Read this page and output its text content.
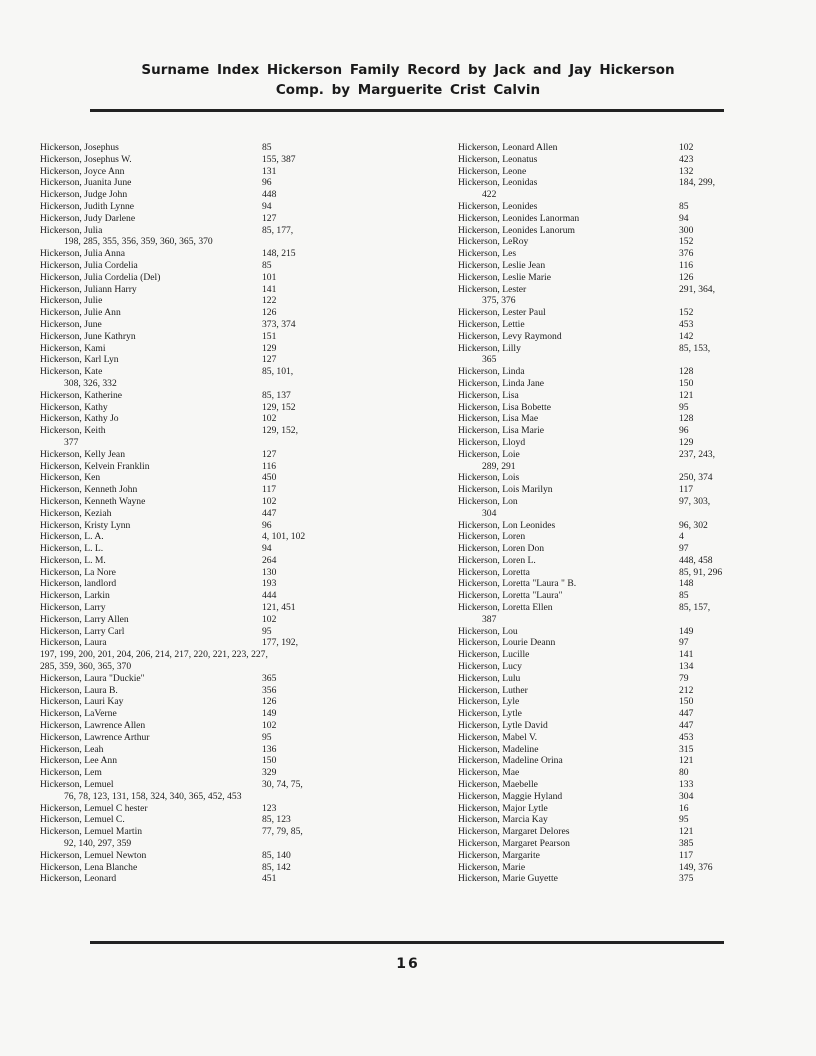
Surname Index Hickerson Family Record by Jack and Jay Hickerson
Comp. by Marguerite Crist Calvin
Hickerson, Josephus	85
Hickerson, Josephus W.	155, 387
Hickerson, Joyce Ann	131
Hickerson, Juanita June	96
Hickerson, Judge John	448
Hickerson, Judith Lynne	94
Hickerson, Judy Darlene	127
Hickerson, Julia	85, 177,
198, 285, 355, 356, 359, 360, 365, 370
Hickerson, Julia Anna	148, 215
Hickerson, Julia Cordelia	85
Hickerson, Julia Cordelia (Del)	101
Hickerson, Juliann Harry	141
Hickerson, Julie	122
Hickerson, Julie Ann	126
Hickerson, June	373, 374
Hickerson, June Kathryn	151
Hickerson, Kami	129
Hickerson, Karl Lyn	127
Hickerson, Kate	85, 101,
308, 326, 332
Hickerson, Katherine	85, 137
Hickerson, Kathy	129, 152
Hickerson, Kathy Jo	102
Hickerson, Keith	129, 152,
377
Hickerson, Kelly Jean	127
Hickerson, Kelvein Franklin	116
Hickerson, Ken	450
Hickerson, Kenneth John	117
Hickerson, Kenneth Wayne	102
Hickerson, Keziah	447
Hickerson, Kristy Lynn	96
Hickerson, L. A.	4, 101, 102
Hickerson, L. L.	94
Hickerson, L. M.	264
Hickerson, La Nore	130
Hickerson, landlord	193
Hickerson, Larkin	444
Hickerson, Larry	121, 451
Hickerson, Larry Allen	102
Hickerson, Larry Carl	95
Hickerson, Laura	177, 192,
197, 199, 200, 201, 204, 206, 214, 217, 220, 221, 223, 227,
285, 359, 360, 365, 370
Hickerson, Laura "Duckie"	365
Hickerson, Laura B.	356
Hickerson, Lauri Kay	126
Hickerson, LaVerne	149
Hickerson, Lawrence Allen	102
Hickerson, Lawrence Arthur	95
Hickerson, Leah	136
Hickerson, Lee Ann	150
Hickerson, Lem	329
Hickerson, Lemuel	30, 74, 75,
76, 78, 123, 131, 158, 324, 340, 365, 452, 453
Hickerson, Lemuel C hester	123
Hickerson, Lemuel C.	85, 123
Hickerson, Lemuel Martin	77, 79, 85,
92, 140, 297, 359
Hickerson, Lemuel Newton	85, 140
Hickerson, Lena Blanche	85, 142
Hickerson, Leonard	451
Hickerson, Leonard Allen	102
Hickerson, Leonatus	423
Hickerson, Leone	132
Hickerson, Leonidas	184, 299,
422
Hickerson, Leonides	85
Hickerson, Leonides Lanorman	94
Hickerson, Leonides Lanorum	300
Hickerson, LeRoy	152
Hickerson, Les	376
Hickerson, Leslie Jean	116
Hickerson, Leslie Marie	126
Hickerson, Lester	291, 364,
375, 376
Hickerson, Lester Paul	152
Hickerson, Lettie	453
Hickerson, Levy Raymond	142
Hickerson, Lilly	85, 153,
365
Hickerson, Linda	128
Hickerson, Linda Jane	150
Hickerson, Lisa	121
Hickerson, Lisa Bobette	95
Hickerson, Lisa Mae	128
Hickerson, Lisa Marie	96
Hickerson, Lloyd	129
Hickerson, Loie	237, 243,
289, 291
Hickerson, Lois	250, 374
Hickerson, Lois Marilyn	117
Hickerson, Lon	97, 303,
304
Hickerson, Lon Leonides	96, 302
Hickerson, Loren	4
Hickerson, Loren Don	97
Hickerson, Loren L.	448, 458
Hickerson, Loretta	85, 91, 296
Hickerson, Loretta "Laura " B.	148
Hickerson, Loretta "Laura"	85
Hickerson, Loretta Ellen	85, 157,
387
Hickerson, Lou	149
Hickerson, Lourie Deann	97
Hickerson, Lucille	141
Hickerson, Lucy	134
Hickerson, Lulu	79
Hickerson, Luther	212
Hickerson, Lyle	150
Hickerson, Lytle	447
Hickerson, Lytle David	447
Hickerson, Mabel V.	453
Hickerson, Madeline	315
Hickerson, Madeline Orina	121
Hickerson, Mae	80
Hickerson, Maebelle	133
Hickerson, Maggie Hyland	304
Hickerson, Major Lytle	16
Hickerson, Marcia Kay	95
Hickerson, Margaret Delores	121
Hickerson, Margaret Pearson	385
Hickerson, Margarite	117
Hickerson, Marie	149, 376
Hickerson, Marie Guyette	375
16
